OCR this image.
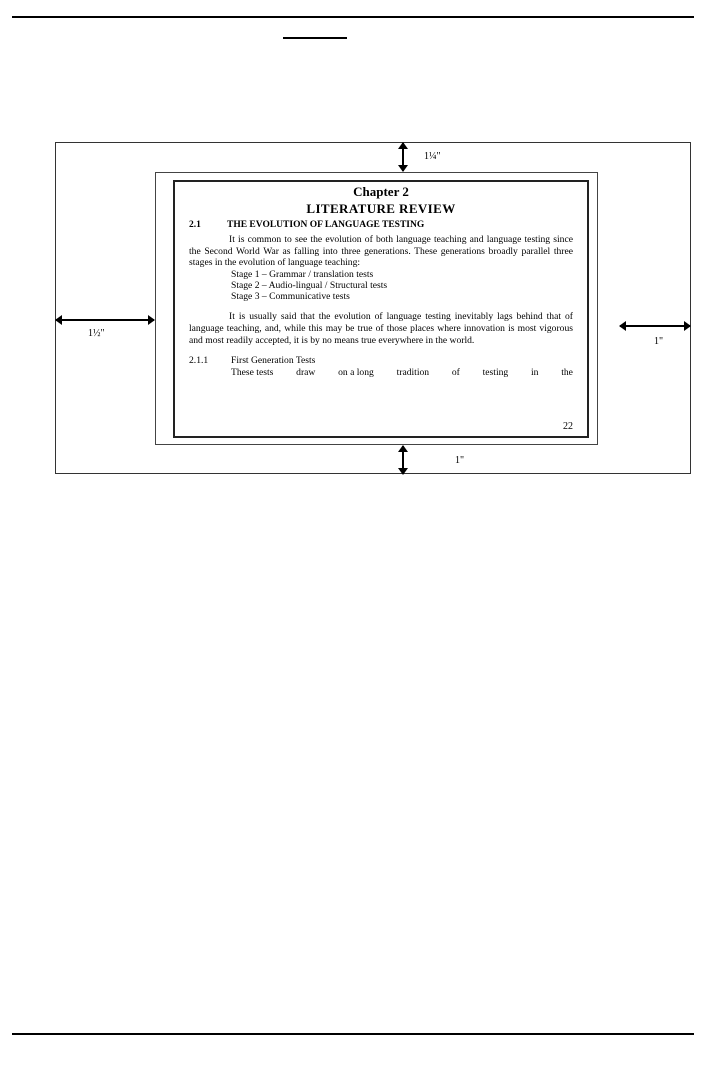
Chapter 2
LITERATURE REVIEW
2.1	THE EVOLUTION OF LANGUAGE TESTING

It is common to see the evolution of both language teaching and language testing since the Second World War as falling into three generations. These generations broadly parallel three stages in the evolution of language teaching:

Stage 1 – Grammar / translation tests
Stage 2 – Audio-lingual / Structural tests
Stage 3 – Communicative tests

It is usually said that the evolution of language testing inevitably lags behind that of language teaching, and, while this may be true of those places where innovation is most vigorous and most readily accepted, it is by no means true everywhere in the world.

2.1.1	First Generation Tests
These tests draw on a long tradition of testing in the
22
1¼"
1½"
1"
1"
